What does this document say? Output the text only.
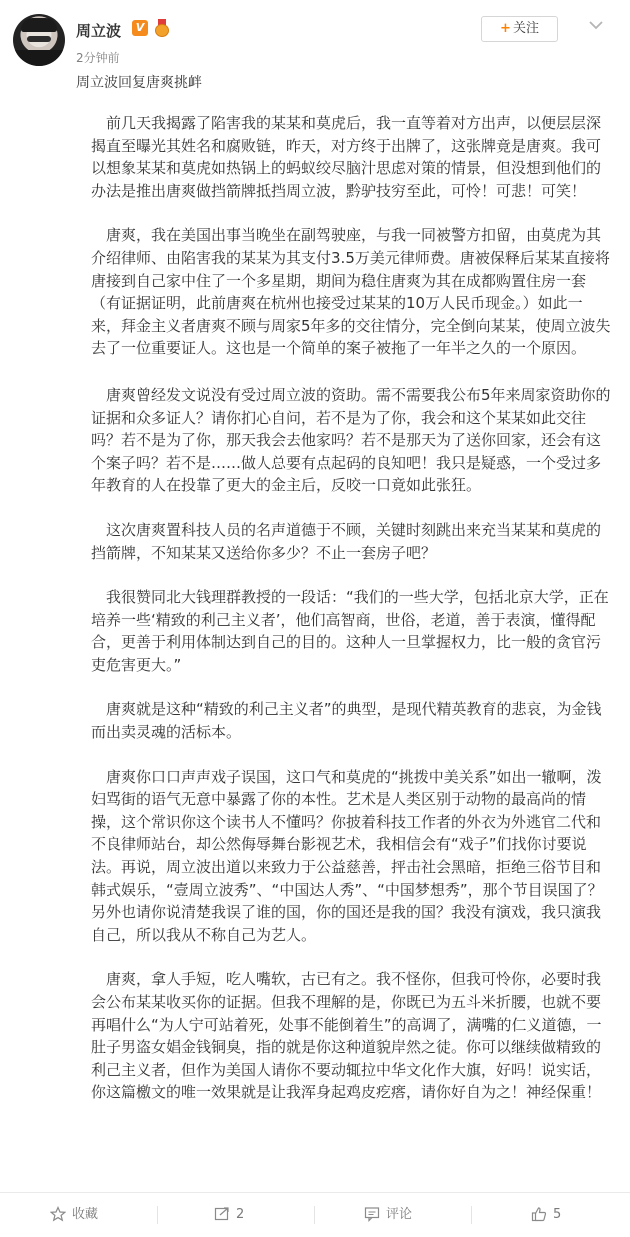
周立波	V
2分钟前
+ 关注
周立波回复唐爽挑衅

前几天我揭露了陷害我的某某和莫虎后，我一直等着对方出声，以便层层深揭直至曝光其姓名和腐败链，昨天，对方终于出牌了，这张牌竟是唐爽。我可以想象某某和莫虎如热锅上的蚂蚁绞尽脑汁思虑对策的情景，但没想到他们的办法是推出唐爽做挡箭牌抵挡周立波，黔驴技穷至此，可怜！可悲！可笑！

唐爽，我在美国出事当晚坐在副驾驶座，与我一同被警方扣留，由莫虎为其介绍律师、由陷害我的某某为其支付3.5万美元律师费。唐被保释后某某直接将唐接到自己家中住了一个多星期，期间为稳住唐爽为其在成都购置住房一套（有证据证明，此前唐爽在杭州也接受过某某的10万人民币现金。）如此一来，拜金主义者唐爽不顾与周家5年多的交往情分，完全倒向某某，使周立波失去了一位重要证人。这也是一个简单的案子被拖了一年半之久的一个原因。

唐爽曾经发文说没有受过周立波的资助。需不需要我公布5年来周家资助你的证据和众多证人？请你扪心自问，若不是为了你，我会和这个某某如此交往吗？若不是为了你，那天我会去他家吗？若不是那天为了送你回家，还会有这个案子吗？若不是……做人总要有点起码的良知吧！我只是疑惑，一个受过多年教育的人在投靠了更大的金主后，反咬一口竟如此张狂。

这次唐爽置科技人员的名声道德于不顾，关键时刻跳出来充当某某和莫虎的挡箭牌，不知某某又送给你多少？不止一套房子吧？

我很赞同北大钱理群教授的一段话：“我们的一些大学，包括北京大学，正在培养一些‘精致的利己主义者’，他们高智商，世俗，老道，善于表演，懂得配合，更善于利用体制达到自己的目的。这种人一旦掌握权力，比一般的贪官污吏危害更大。”

唐爽就是这种“精致的利己主义者”的典型，是现代精英教育的悲哀，为金钱而出卖灵魂的活标本。

唐爽你口口声声戏子误国，这口气和莫虎的“挑拨中美关系”如出一辙啊，泼妇骂街的语气无意中暴露了你的本性。艺术是人类区别于动物的最高尚的情操，这个常识你这个读书人不懂吗？你披着科技工作者的外衣为外逃官二代和不良律师站台，却公然侮辱舞台影视艺术，我相信会有“戏子”们找你讨要说法。再说，周立波出道以来致力于公益慈善，抨击社会黑暗，拒绝三俗节目和韩式娱乐，“壹周立波秀”、“中国达人秀”、“中国梦想秀”，那个节目误国了？另外也请你说清楚我误了谁的国，你的国还是我的国？我没有演戏，我只演我自己，所以我从不称自己为艺人。

唐爽，拿人手短，吃人嘴软，古已有之。我不怪你，但我可怜你，必要时我会公布某某收买你的证据。但我不理解的是，你既已为五斗米折腰，也就不要再唱什么“为人宁可站着死，处事不能倒着生”的高调了，满嘴的仁义道德，一肚子男盗女娼金钱铜臭，指的就是你这种道貌岸然之徒。你可以继续做精致的利己主义者，但作为美国人请你不要动辄拉中华文化作大旗，好吗！说实话，你这篇檄文的唯一效果就是让我浑身起鸡皮疙瘩，请你好自为之！神经保重！

收藏	2	评论	5
